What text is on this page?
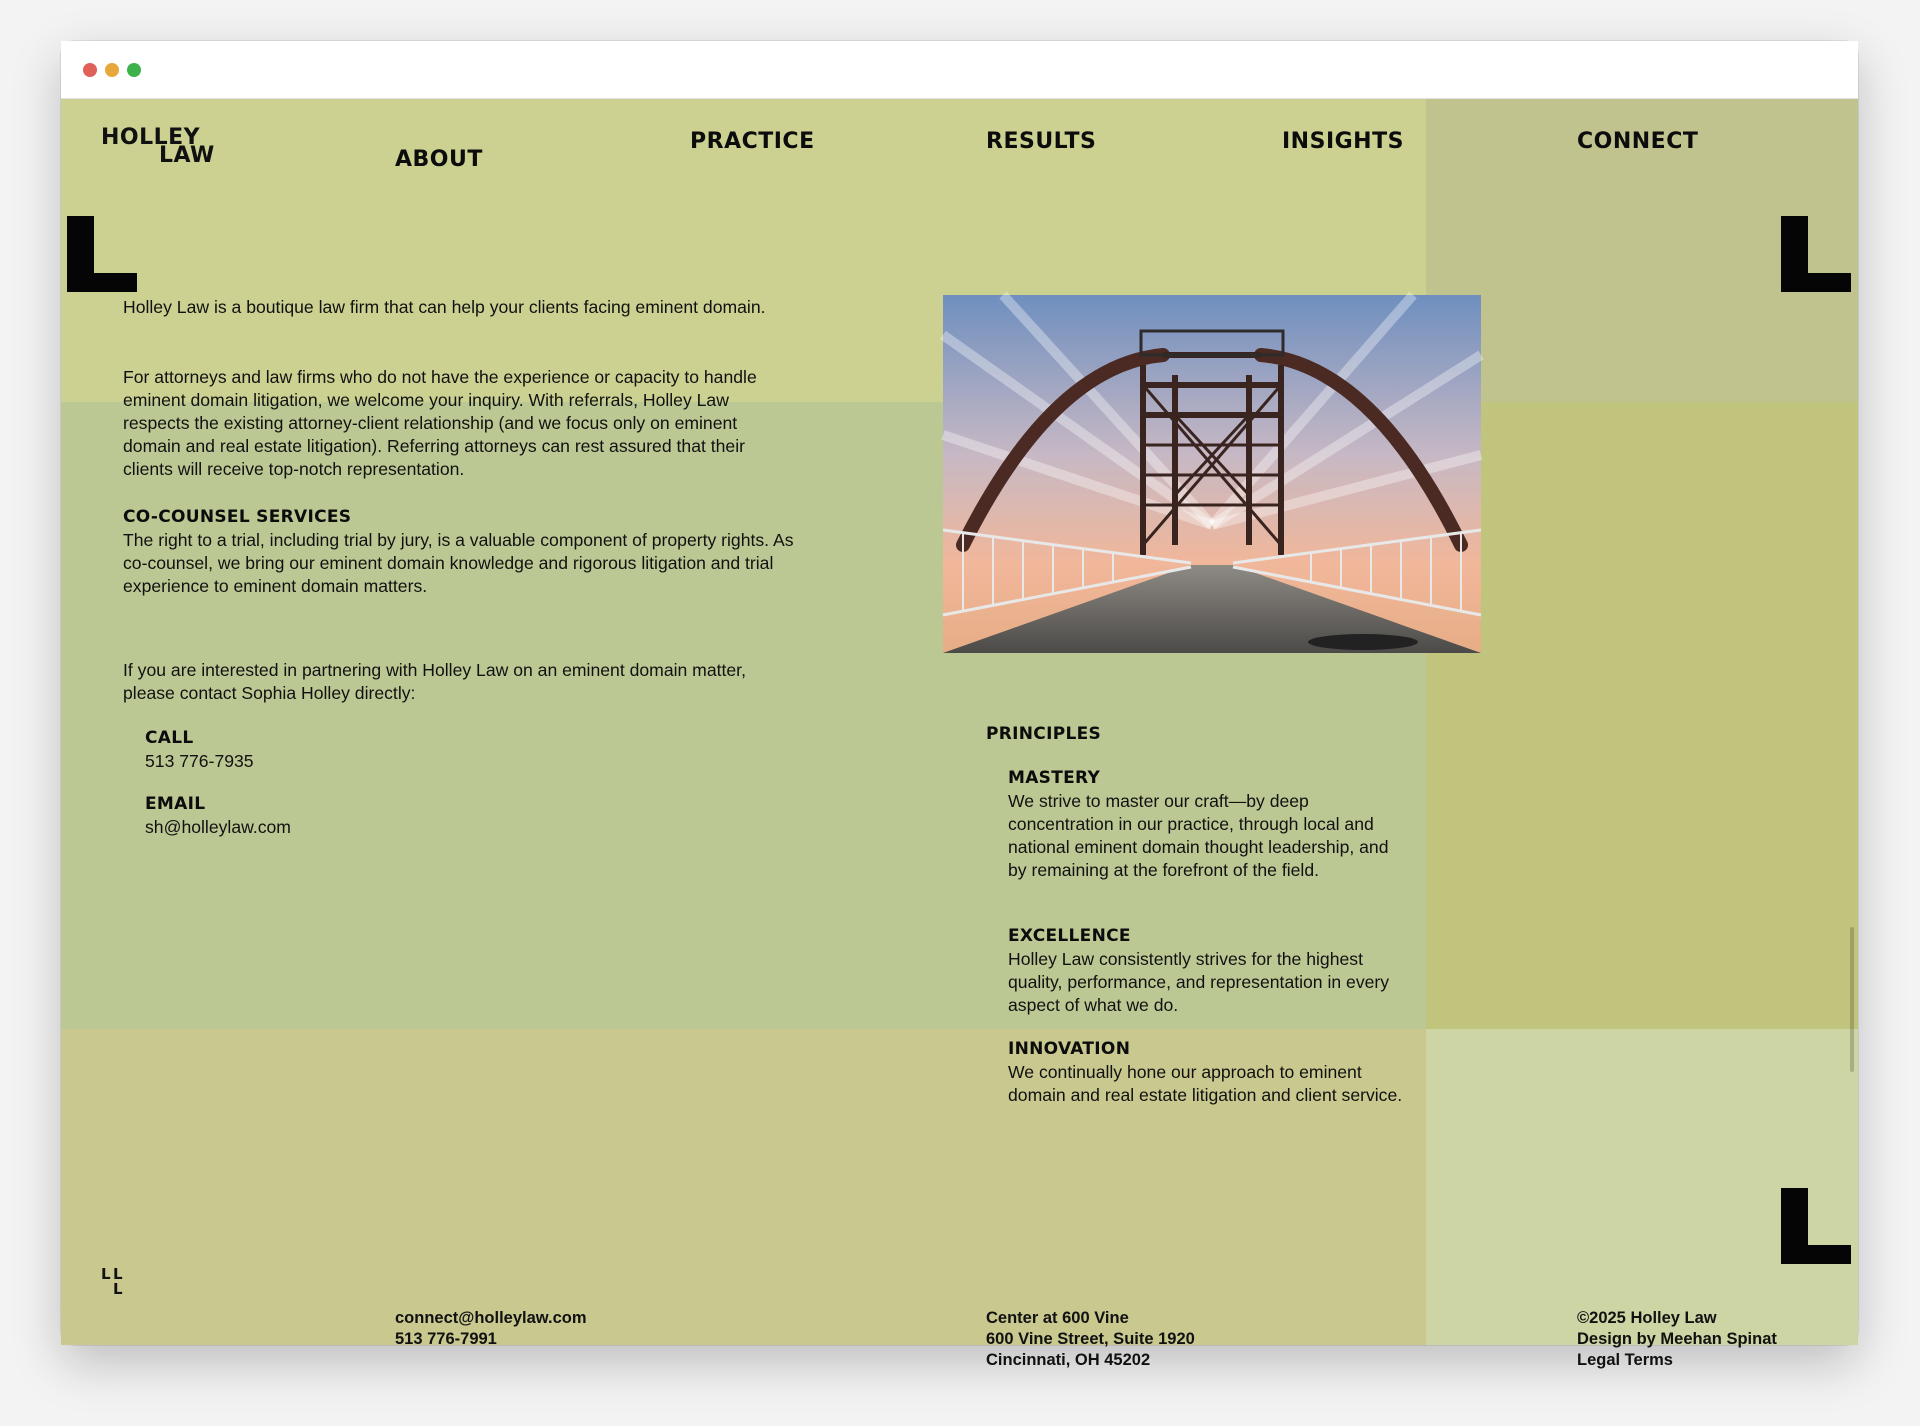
HOLLEY
LAW	ABOUT
PRACTICE	RESULTS	INSIGHTS	CONNECT

Holley Law is a boutique law firm that can help your clients facing eminent domain.

For attorneys and law firms who do not have the experience or capacity to handle eminent domain litigation, we welcome your inquiry. With referrals, Holley Law respects the existing attorney-client relationship (and we focus only on eminent domain and real estate litigation). Referring attorneys can rest assured that their clients will receive top-notch representation.

CO-COUNSEL SERVICES
The right to a trial, including trial by jury, is a valuable component of property rights. As co-counsel, we bring our eminent domain knowledge and rigorous litigation and trial experience to eminent domain matters.

If you are interested in partnering with Holley Law on an eminent domain matter, please contact Sophia Holley directly:

CALL
513 776-7935
EMAIL
sh@holleylaw.com
PRINCIPLES
MASTERY
We strive to master our craft—by deep concentration in our practice, through local and national eminent domain thought leadership, and by remaining at the forefront of the field.
EXCELLENCE
Holley Law consistently strives for the highest quality, performance, and representation in every aspect of what we do.
INNOVATION
We continually hone our approach to eminent domain and real estate litigation and client service.
L L
L
connect@holleylaw.com
513 776-7991
Center at 600 Vine
600 Vine Street, Suite 1920
Cincinnati, OH 45202
©2025 Holley Law
Design by Meehan Spinat
Legal Terms
